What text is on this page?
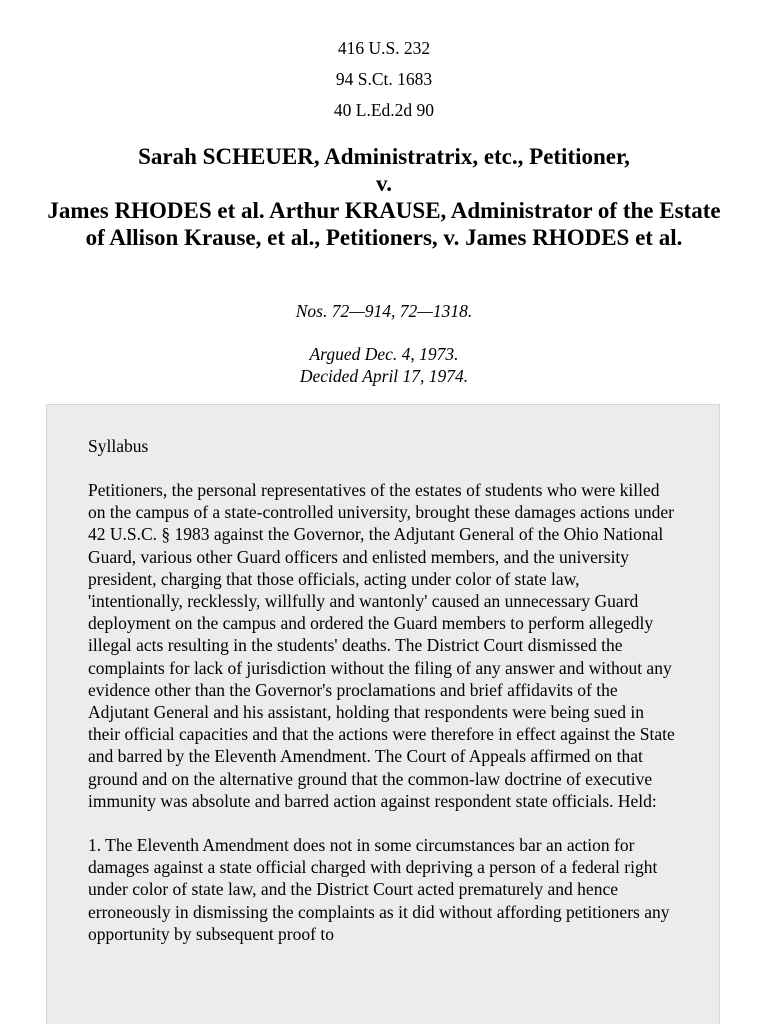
416 U.S. 232
94 S.Ct. 1683
40 L.Ed.2d 90
Sarah SCHEUER, Administratrix, etc., Petitioner,
v.
James RHODES et al. Arthur KRAUSE, Administrator of the Estate of Allison Krause, et al., Petitioners, v. James RHODES et al.
Nos. 72—914, 72—1318.
Argued Dec. 4, 1973.
Decided April 17, 1974.

Syllabus

Petitioners, the personal representatives of the estates of students who were killed on the campus of a state-controlled university, brought these damages actions under 42 U.S.C. § 1983 against the Governor, the Adjutant General of the Ohio National Guard, various other Guard officers and enlisted members, and the university president, charging that those officials, acting under color of state law, 'intentionally, recklessly, willfully and wantonly' caused an unnecessary Guard deployment on the campus and ordered the Guard members to perform allegedly illegal acts resulting in the students' deaths. The District Court dismissed the complaints for lack of jurisdiction without the filing of any answer and without any evidence other than the Governor's proclamations and brief affidavits of the Adjutant General and his assistant, holding that respondents were being sued in their official capacities and that the actions were therefore in effect against the State and barred by the Eleventh Amendment. The Court of Appeals affirmed on that ground and on the alternative ground that the common-law doctrine of executive immunity was absolute and barred action against respondent state officials. Held:

1. The Eleventh Amendment does not in some circumstances bar an action for damages against a state official charged with depriving a person of a federal right under color of state law, and the District Court acted prematurely and hence erroneously in dismissing the complaints as it did without affording petitioners any opportunity by subsequent proof to
